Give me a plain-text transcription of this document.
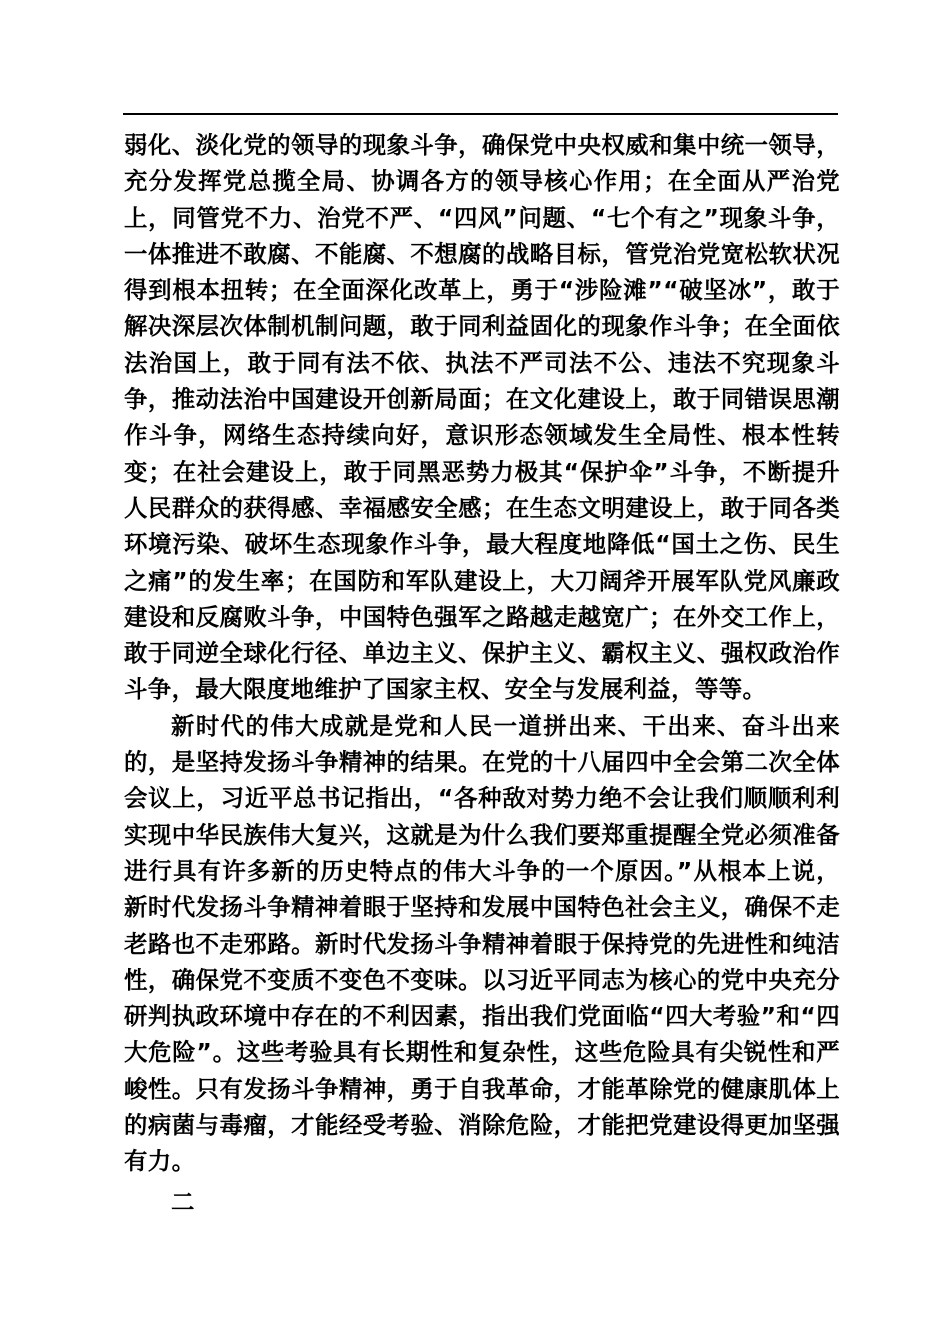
弱化、淡化党的领导的现象斗争，确保党中央权威和集中统一领导，充分发挥党总揽全局、协调各方的领导核心作用；在全面从严治党上，同管党不力、治党不严、“四风”问题、“七个有之”现象斗争，一体推进不敢腐、不能腐、不想腐的战略目标，管党治党宽松软状况得到根本扭转；在全面深化改革上，勇于“涉险滩”“破坚冰”，敢于解决深层次体制机制问题，敢于同利益固化的现象作斗争；在全面依法治国上，敢于同有法不依、执法不严司法不公、违法不究现象斗争，推动法治中国建设开创新局面；在文化建设上，敢于同错误思潮作斗争，网络生态持续向好，意识形态领域发生全局性、根本性转变；在社会建设上，敢于同黑恶势力极其“保护伞”斗争，不断提升人民群众的获得感、幸福感安全感；在生态文明建设上，敢于同各类环境污染、破坏生态现象作斗争，最大程度地降低“国土之伤、民生之痛”的发生率；在国防和军队建设上，大刀阔斧开展军队党风廉政建设和反腐败斗争，中国特色强军之路越走越宽广；在外交工作上，敢于同逆全球化行径、单边主义、保护主义、霸权主义、强权政治作斗争，最大限度地维护了国家主权、安全与发展利益，等等。

新时代的伟大成就是党和人民一道拼出来、干出来、奋斗出来的，是坚持发扬斗争精神的结果。在党的十八届四中全会第二次全体会议上，习近平总书记指出，“各种敌对势力绝不会让我们顺顺利利实现中华民族伟大复兴，这就是为什么我们要郑重提醒全党必须准备进行具有许多新的历史特点的伟大斗争的一个原因。”从根本上说，新时代发扬斗争精神着眼于坚持和发展中国特色社会主义，确保不走老路也不走邪路。新时代发扬斗争精神着眼于保持党的先进性和纯洁性，确保党不变质不变色不变味。以习近平同志为核心的党中央充分研判执政环境中存在的不利因素，指出我们党面临“四大考验”和“四大危险”。这些考验具有长期性和复杂性，这些危险具有尖锐性和严峻性。只有发扬斗争精神，勇于自我革命，才能革除党的健康肌体上的病菌与毒瘤，才能经受考验、消除危险，才能把党建设得更加坚强有力。

二
